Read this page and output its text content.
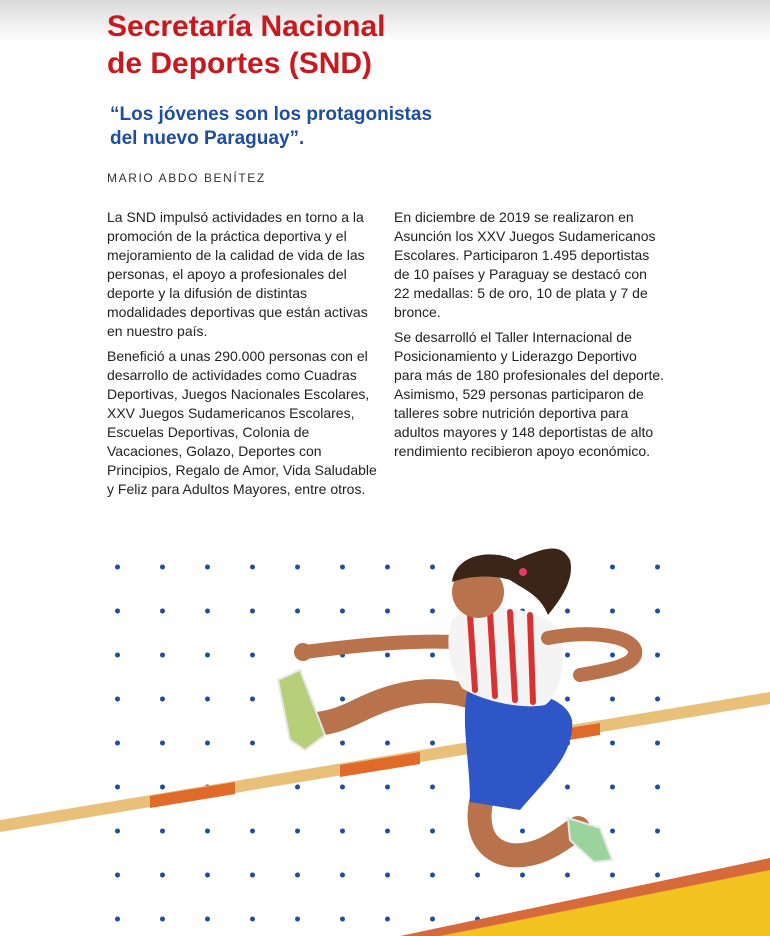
Secretaría Nacional
de Deportes (SND)

“Los jóvenes son los protagonistas
del nuevo Paraguay”.

MARIO ABDO BENÍTEZ

La SND impulsó actividades en torno a la promoción de la práctica deportiva y el mejoramiento de la calidad de vida de las personas, el apoyo a profesionales del deporte y la difusión de distintas modalidades deportivas que están activas en nuestro país.

Benefició a unas 290.000 personas con el desarrollo de actividades como Cuadras Deportivas, Juegos Nacionales Escolares, XXV Juegos Sudamericanos Escolares, Escuelas Deportivas, Colonia de Vacaciones, Golazo, Deportes con Principios, Regalo de Amor, Vida Saludable y Feliz para Adultos Mayores, entre otros.

En diciembre de 2019 se realizaron en Asunción los XXV Juegos Sudamericanos Escolares. Participaron 1.495 deportistas de 10 países y Paraguay se destacó con 22 medallas: 5 de oro, 10 de plata y 7 de bronce.

Se desarrolló el Taller Internacional de Posicionamiento y Liderazgo Deportivo para más de 180 profesionales del deporte. Asimismo, 529 personas participaron de talleres sobre nutrición deportiva para adultos mayores y 148 deportistas de alto rendimiento recibieron apoyo económico.
